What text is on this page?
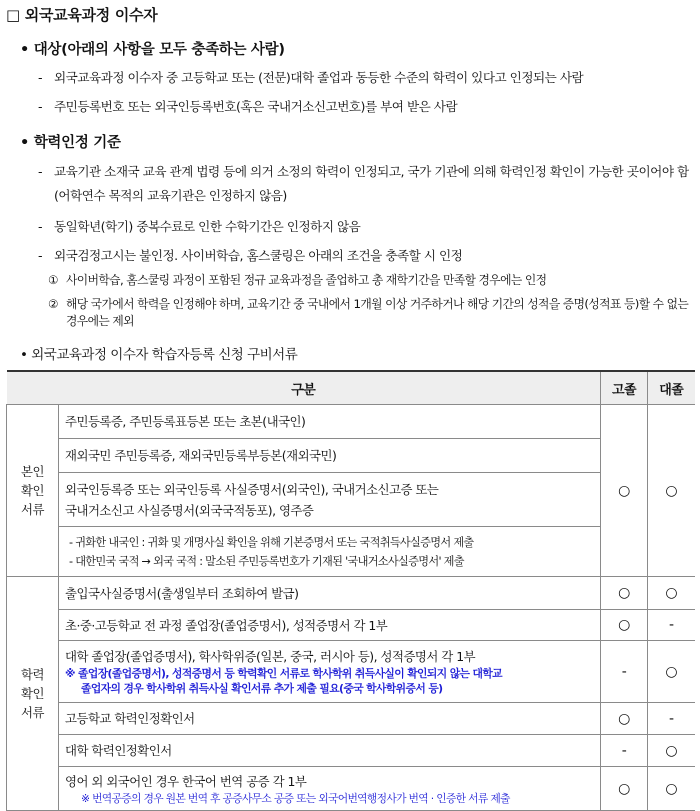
□ 외국교육과정 이수자
• 대상(아래의 사항을 모두 충족하는 사람)
- 외국교육과정 이수자 중 고등학교 또는 (전문)대학 졸업과 동등한 수준의 학력이 있다고 인정되는 사람
- 주민등록번호 또는 외국인등록번호(혹은 국내거소신고번호)를 부여 받은 사람
• 학력인정 기준
- 교육기관 소재국 교육 관계 법령 등에 의거 소정의 학력이 인정되고, 국가 기관에 의해 학력인정 확인이 가능한 곳이어야 함(어학연수 목적의 교육기관은 인정하지 않음)
- 동일학년(학기) 중복수료로 인한 수학기간은 인정하지 않음
- 외국검정고시는 불인정. 사이버학습, 홈스쿨링은 아래의 조건을 충족할 시 인정
① 사이버학습, 홈스쿨링 과정이 포함된 정규 교육과정을 졸업하고 총 재학기간을 만족할 경우에는 인정
② 해당 국가에서 학력을 인정해야 하며, 교육기간 중 국내에서 1개월 이상 거주하거나 해당 기간의 성적을 증명(성적표 등)할 수 없는 경우에는 제외
• 외국교육과정 이수자 학습자등록 신청 구비서류
구분		고졸	대졸

본인
확인
서류	주민등록증, 주민등록표등본 또는 초본(내국인)	○	○
	재외국민 주민등록증, 재외국민등록부등본(재외국민)		

	외국인등록증 또는 외국인등록 사실증명서(외국인), 국내거소신고증 또는
국내거소신고 사실증명서(외국국적동포), 영주증		

	- 귀화한 내국인 : 귀화 및 개명사실 확인을 위해 기본증명서 또는 국적취득사실증명서 제출
- 대한민국 국적 → 외국 국적 : 말소된 주민등록번호가 기재된 '국내거소사실증명서' 제출		

학력
확인
서류	출입국사실증명서(출생일부터 조회하여 발급)	○	○
	초·중·고등학교 전 과정 졸업장(졸업증명서), 성적증명서 각 1부	○	-

	대학 졸업장(졸업증명서), 학사학위증(일본, 중국, 러시아 등), 성적증명서 각 1부
※ 졸업장(졸업증명서), 성적증명서 등 학력확인 서류로 학사학위 취득사실이 확인되지 않는 대학교
졸업자의 경우 학사학위 취득사실 확인서류 추가 제출 필요(중국 학사학위증서 등)	-	○
	고등학교 학력인정확인서	○	-
	대학 학력인정확인서	-	○

	영어 외 외국어인 경우 한국어 번역 공증 각 1부
※ 번역공증의 경우 원본 번역 후 공증사무소 공증 또는 외국어번역행정사가 번역 · 인증한 서류 제출	○	○
